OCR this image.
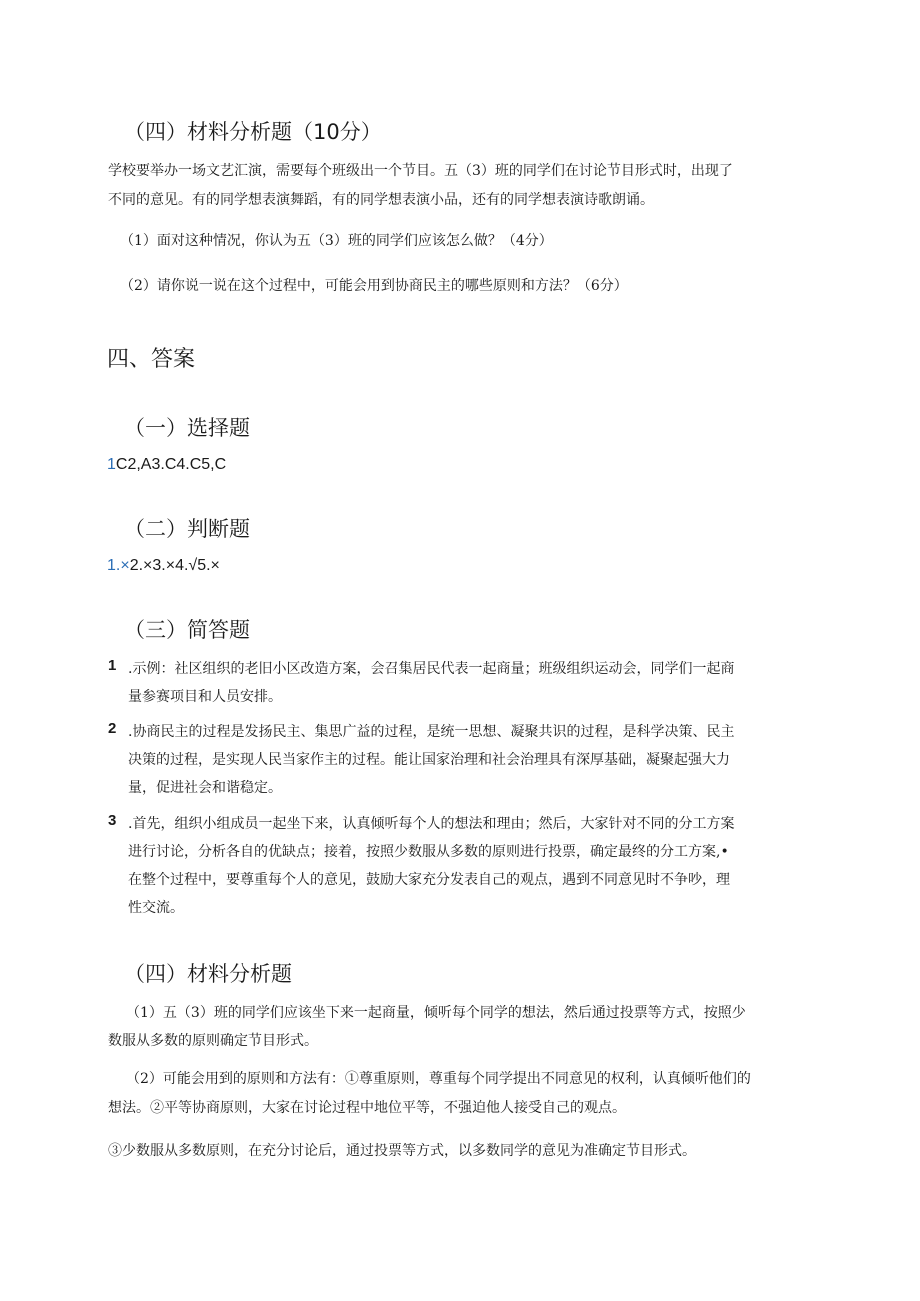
（四）材料分析题（10分）
学校要举办一场文艺汇演，需要每个班级出一个节目。五（3）班的同学们在讨论节目形式时，出现了
不同的意见。有的同学想表演舞蹈，有的同学想表演小品，还有的同学想表演诗歌朗诵。
（1）面对这种情况，你认为五（3）班的同学们应该怎么做？（4分）
（2）请你说一说在这个过程中，可能会用到协商民主的哪些原则和方法？（6分）
四、答案
（一）选择题
1C2,A3.C4.C5,C
（二）判断题
1.×2.×3.×4.√5.×
（三）简答题
1 .示例：社区组织的老旧小区改造方案，会召集居民代表一起商量；班级组织运动会，同学们一起商
量参赛项目和人员安排。
2 .协商民主的过程是发扬民主、集思广益的过程，是统一思想、凝聚共识的过程，是科学决策、民主
决策的过程，是实现人民当家作主的过程。能让国家治理和社会治理具有深厚基础，凝聚起强大力
量，促进社会和谐稳定。
3 .首先，组织小组成员一起坐下来，认真倾听每个人的想法和理由；然后，大家针对不同的分工方案
进行讨论，分析各自的优缺点；接着，按照少数服从多数的原则进行投票，确定最终的分工方案,•
在整个过程中，要尊重每个人的意见，鼓励大家充分发表自己的观点，遇到不同意见时不争吵，理
性交流。
（四）材料分析题
（1）五（3）班的同学们应该坐下来一起商量，倾听每个同学的想法，然后通过投票等方式，按照少
数服从多数的原则确定节目形式。
（2）可能会用到的原则和方法有：①尊重原则，尊重每个同学提出不同意见的权利，认真倾听他们的
想法。②平等协商原则，大家在讨论过程中地位平等，不强迫他人接受自己的观点。
③少数服从多数原则，在充分讨论后，通过投票等方式，以多数同学的意见为准确定节目形式。
